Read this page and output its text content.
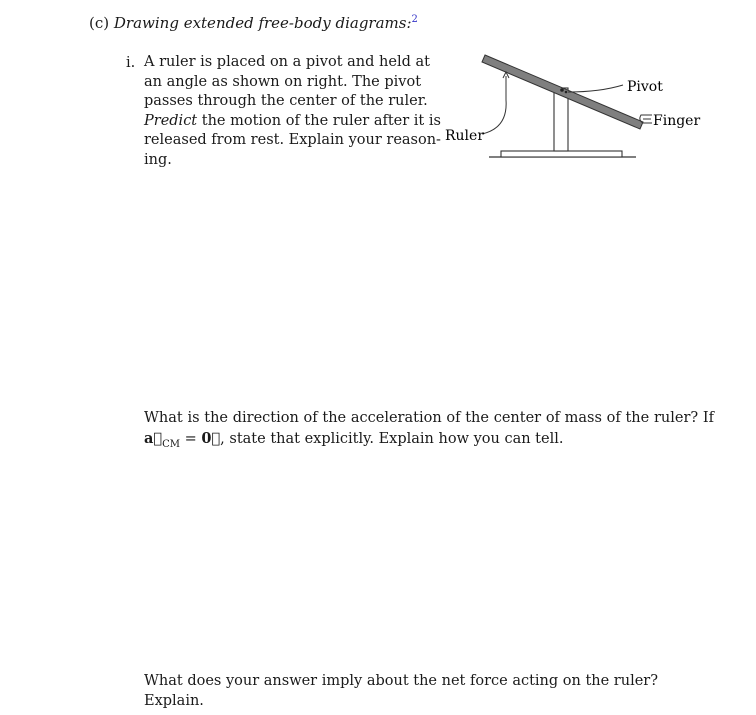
(c) Drawing extended free-body diagrams:$^2$
i. A ruler is placed on a pivot and held at
an angle as shown on right. The pivot
passes through the center of the ruler.
Predict the motion of the ruler after it is
released from rest. Explain your reason-
ing.

Pivot
Finger
Ruler

What is the direction of the acceleration of the center of mass of the ruler? If
$a⃗_{CM}$ = 0⃗, state that explicitly. Explain how you can tell.

What does your answer imply about the net force acting on the ruler? Explain.
